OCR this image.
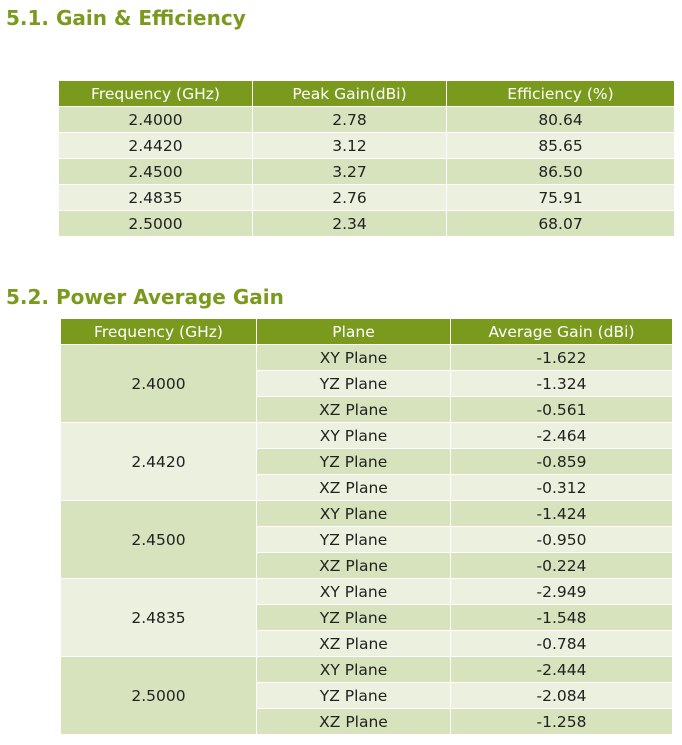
5.1. Gain & Efficiency
Frequency (GHz)	Peak Gain(dBi)	Efficiency (%)
2.4000	2.78	80.64
2.4420	3.12	85.65
2.4500	3.27	86.50
2.4835	2.76	75.91
2.5000	2.34	68.07
5.2. Power Average Gain
Frequency (GHz)	Plane	Average Gain (dBi)
2.4000	XY Plane	-1.622
	YZ Plane	-1.324
	XZ Plane	-0.561
2.4420	XY Plane	-2.464
	YZ Plane	-0.859
	XZ Plane	-0.312
2.4500	XY Plane	-1.424
	YZ Plane	-0.950
	XZ Plane	-0.224
2.4835	XY Plane	-2.949
	YZ Plane	-1.548
	XZ Plane	-0.784
2.5000	XY Plane	-2.444
	YZ Plane	-2.084
	XZ Plane	-1.258
